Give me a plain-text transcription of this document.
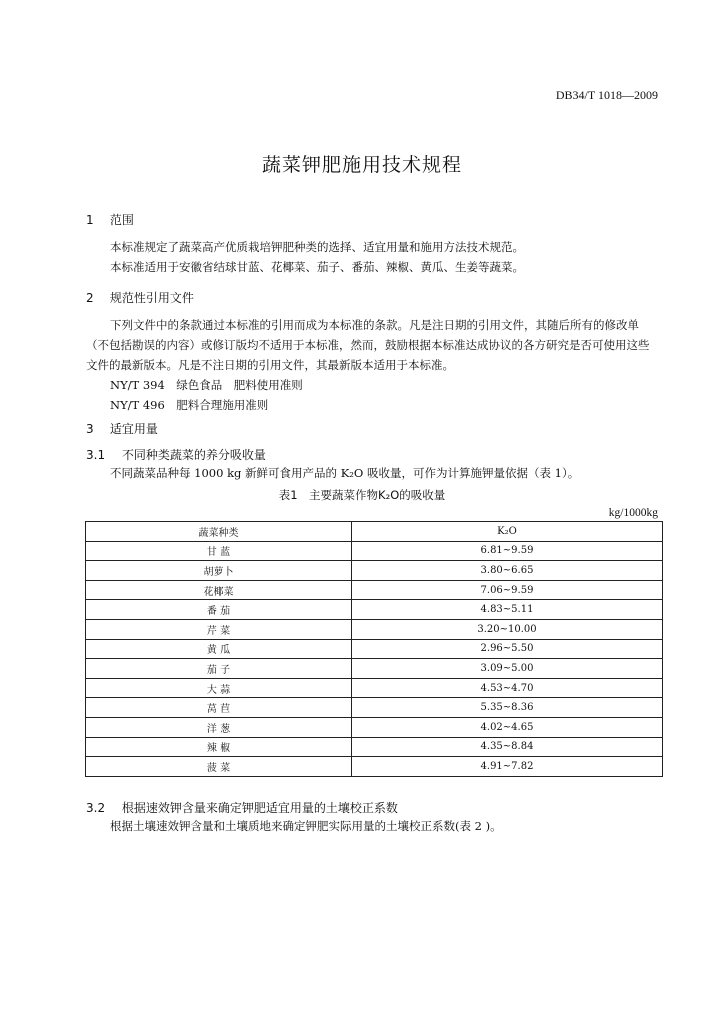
DB34/T 1018—2009
蔬菜钾肥施用技术规程
1 范围

本标准规定了蔬菜高产优质栽培钾肥种类的选择、适宜用量和施用方法技术规范。

本标准适用于安徽省结球甘蓝、花椰菜、茄子、番茄、辣椒、黄瓜、生姜等蔬菜。

2 规范性引用文件

下列文件中的条款通过本标准的引用而成为本标准的条款。凡是注日期的引用文件，其随后所有的修改单（不包括勘误的内容）或修订版均不适用于本标准，然而，鼓励根据本标准达成协议的各方研究是否可使用这些文件的最新版本。凡是不注日期的引用文件，其最新版本适用于本标准。

NY/T 394　绿色食品　肥料使用准则

NY/T 496　肥料合理施用准则

3 适宜用量
3.1 不同种类蔬菜的养分吸收量

不同蔬菜品种每 1000 kg 新鲜可食用产品的 K₂O 吸收量，可作为计算施钾量依据（表 1）。

表1　主要蔬菜作物K₂O的吸收量
kg/1000kg
蔬菜种类	K₂O
甘 蓝	6.81~9.59
胡萝卜	3.80~6.65
花椰菜	7.06~9.59
番 茄	4.83~5.11
芹 菜	3.20~10.00
黄 瓜	2.96~5.50
茄 子	3.09~5.00
大 蒜	4.53~4.70
莴 苣	5.35~8.36
洋 葱	4.02~4.65
辣 椒	4.35~8.84
菠 菜	4.91~7.82
3.2 根据速效钾含量来确定钾肥适宜用量的土壤校正系数

根据土壤速效钾含量和土壤质地来确定钾肥实际用量的土壤校正系数(表 2 )。
